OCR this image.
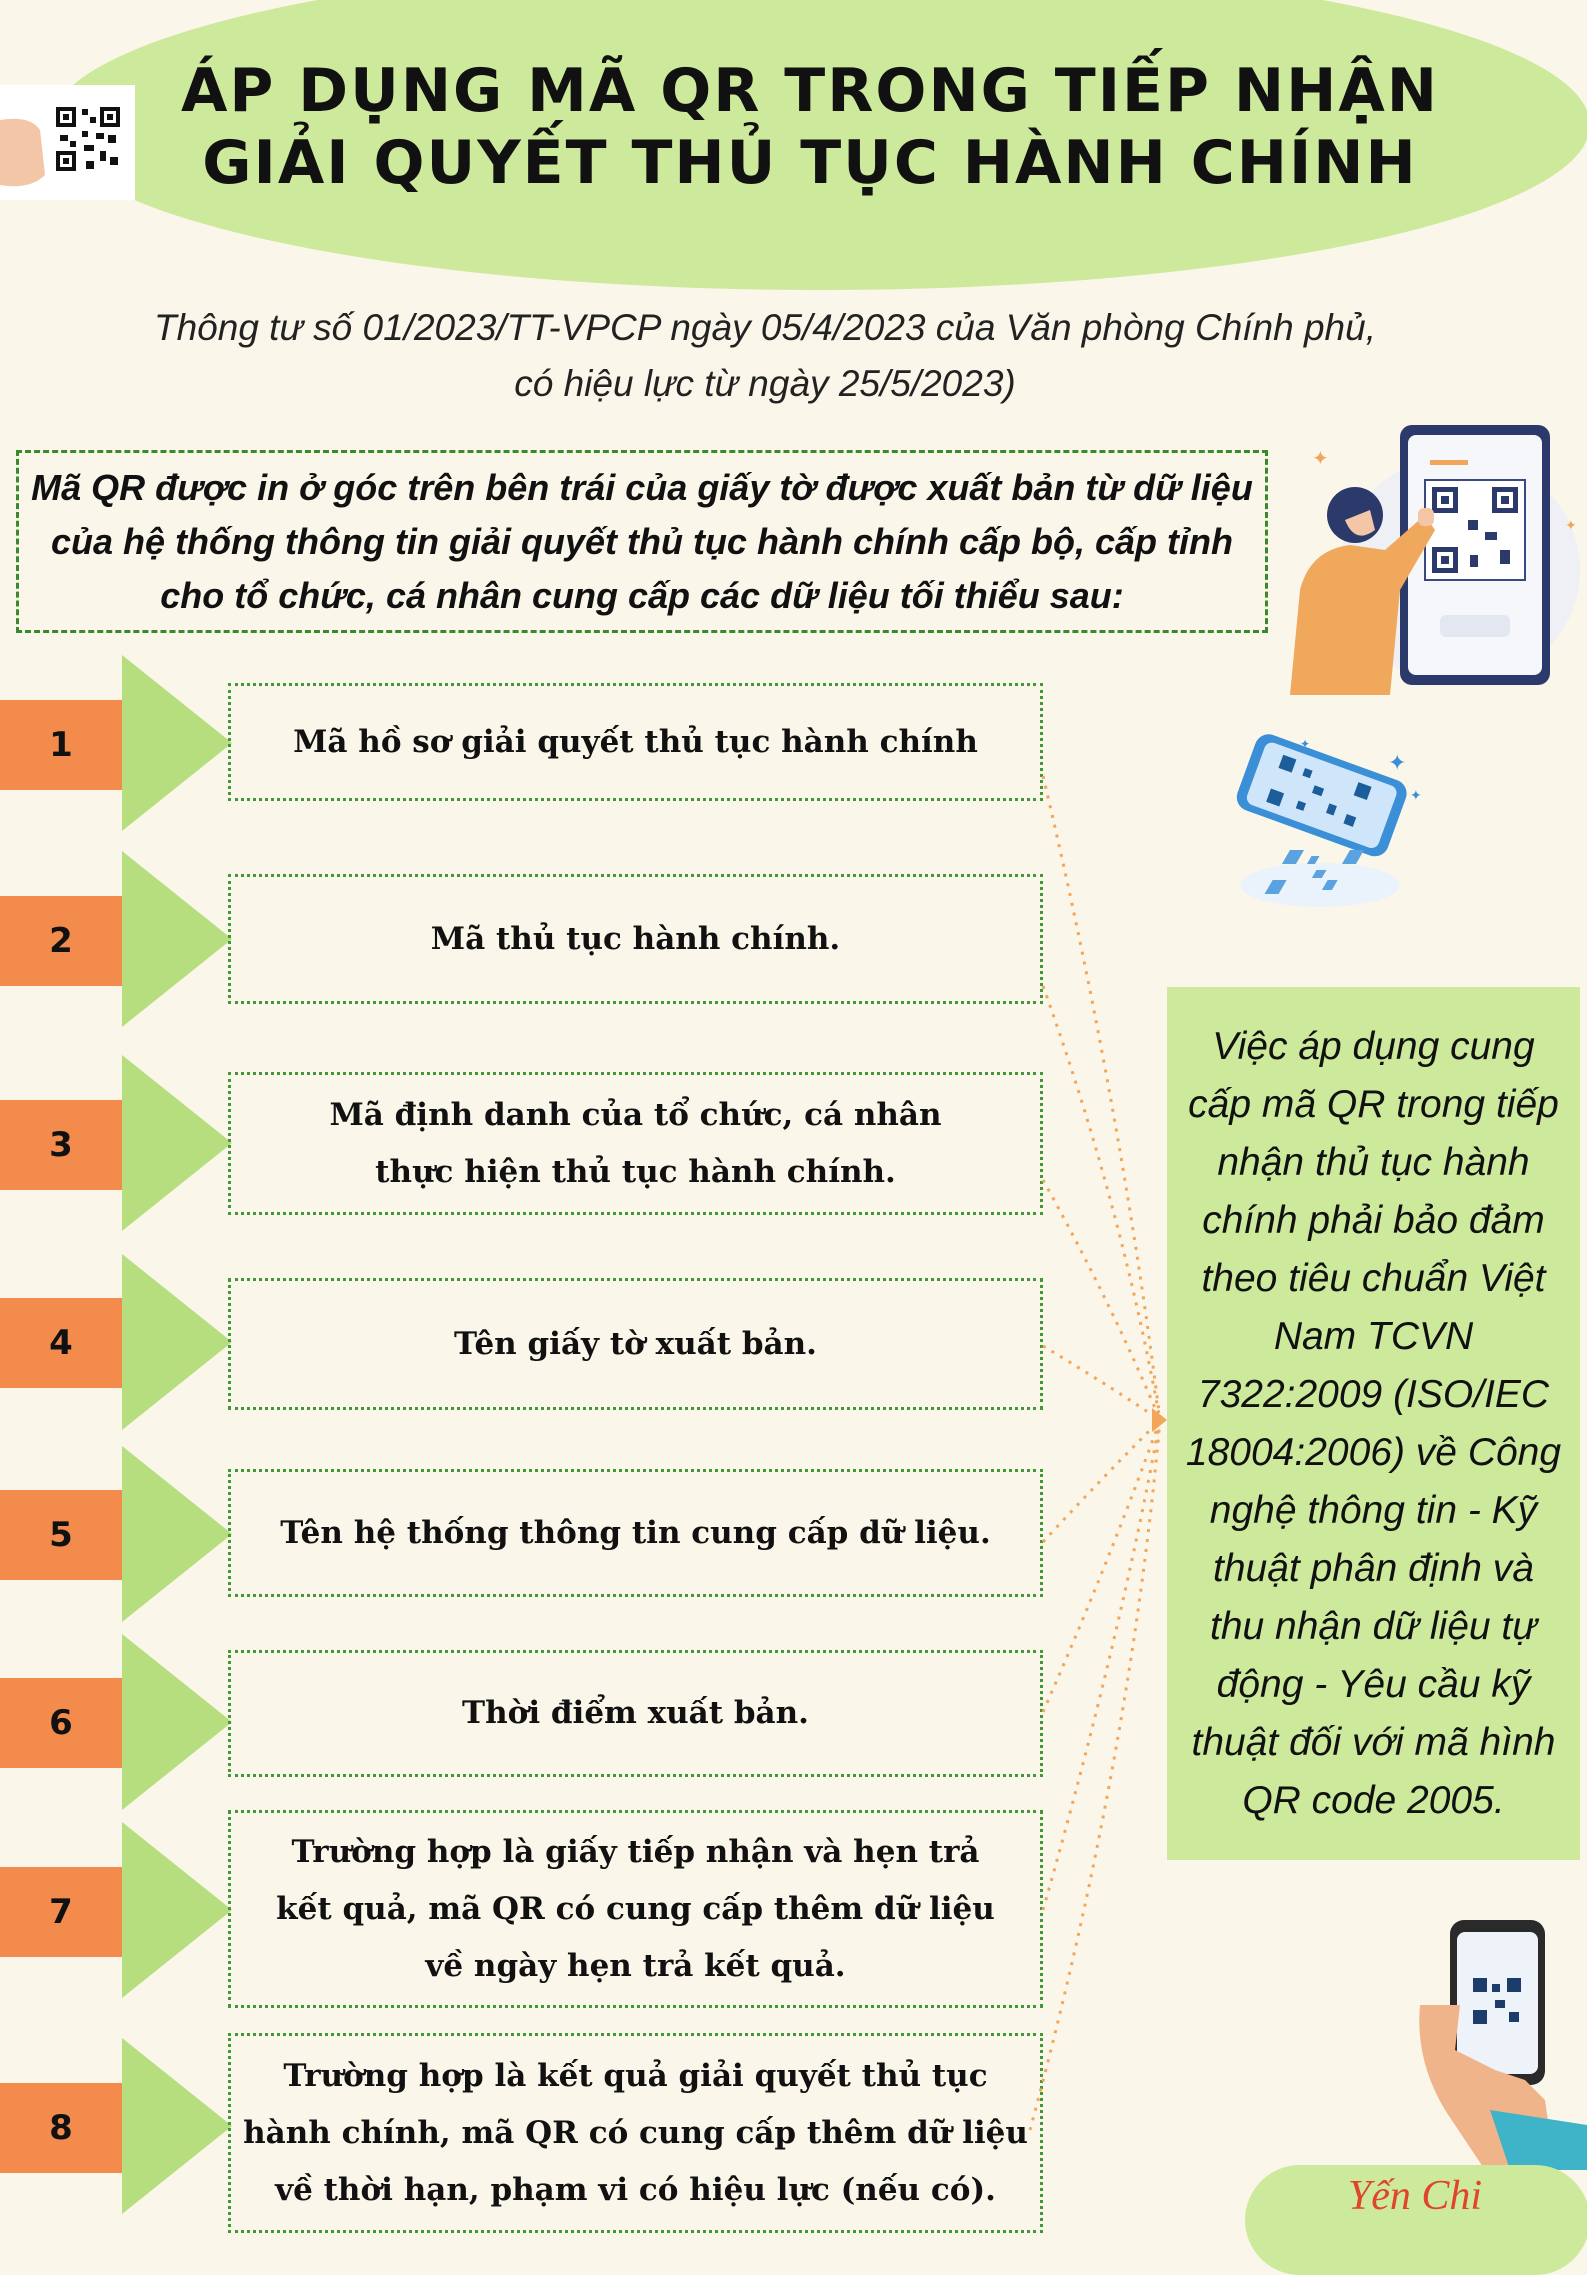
ÁP DỤNG MÃ QR TRONG TIẾP NHẬN
GIẢI QUYẾT THỦ TỤC HÀNH CHÍNH
Thông tư số 01/2023/TT-VPCP ngày 05/4/2023 của Văn phòng Chính phủ,
có hiệu lực từ ngày 25/5/2023)
Mã QR được in ở góc trên bên trái của giấy tờ được xuất bản từ dữ liệu
của hệ thống thông tin giải quyết thủ tục hành chính cấp bộ, cấp tỉnh
cho tổ chức, cá nhân cung cấp các dữ liệu tối thiểu sau:
✦
✦
✦
✦
✦
1	Mã hồ sơ giải quyết thủ tục hành chính
2	Mã thủ tục hành chính.
3
Mã định danh của tổ chức, cá nhân
thực hiện thủ tục hành chính.
4	Tên giấy tờ xuất bản.
5	Tên hệ thống thông tin cung cấp dữ liệu.
6	Thời điểm xuất bản.
7
Trường hợp là giấy tiếp nhận và hẹn trả
kết quả, mã QR có cung cấp thêm dữ liệu
về ngày hẹn trả kết quả.
8
Trường hợp là kết quả giải quyết thủ tục
hành chính, mã QR có cung cấp thêm dữ liệu
về thời hạn, phạm vi có hiệu lực (nếu có).
Việc áp dụng cung
cấp mã QR trong tiếp
nhận thủ tục hành
chính phải bảo đảm
theo tiêu chuẩn Việt
Nam TCVN
7322:2009 (ISO/IEC
18004:2006) về Công
nghệ thông tin - Kỹ
thuật phân định và
thu nhận dữ liệu tự
động - Yêu cầu kỹ
thuật đối với mã hình
QR code 2005.
Yến Chi
